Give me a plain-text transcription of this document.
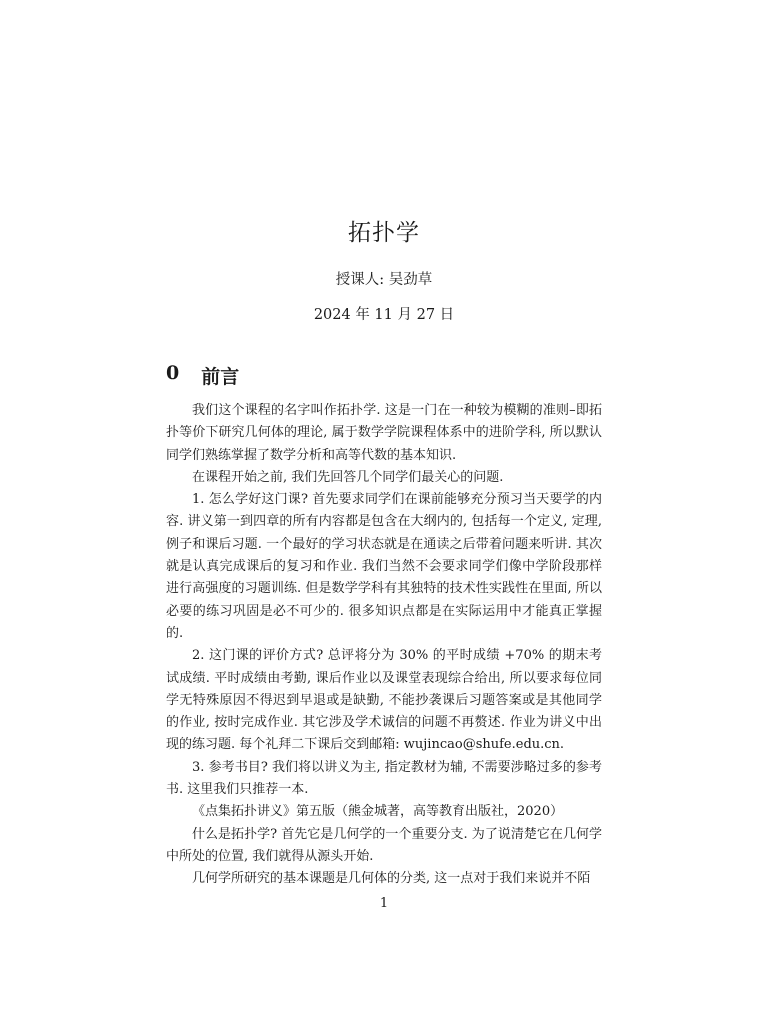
拓扑学
授课人: 吴劲草
2024 年 11 月 27 日
0 前言

我们这个课程的名字叫作拓扑学. 这是一门在一种较为模糊的准则–即拓扑等价下研究几何体的理论, 属于数学学院课程体系中的进阶学科, 所以默认同学们熟练掌握了数学分析和高等代数的基本知识.

在课程开始之前, 我们先回答几个同学们最关心的问题.

1. 怎么学好这门课? 首先要求同学们在课前能够充分预习当天要学的内容. 讲义第一到四章的所有内容都是包含在大纲内的, 包括每一个定义, 定理, 例子和课后习题. 一个最好的学习状态就是在通读之后带着问题来听讲. 其次就是认真完成课后的复习和作业. 我们当然不会要求同学们像中学阶段那样进行高强度的习题训练. 但是数学学科有其独特的技术性实践性在里面, 所以必要的练习巩固是必不可少的. 很多知识点都是在实际运用中才能真正掌握的.

2. 这门课的评价方式? 总评将分为 30% 的平时成绩 +70% 的期末考试成绩. 平时成绩由考勤, 课后作业以及课堂表现综合给出, 所以要求每位同学无特殊原因不得迟到早退或是缺勤, 不能抄袭课后习题答案或是其他同学的作业, 按时完成作业. 其它涉及学术诚信的问题不再赘述. 作业为讲义中出现的练习题. 每个礼拜二下课后交到邮箱: wujincao@shufe.edu.cn.

3. 参考书目? 我们将以讲义为主, 指定教材为辅, 不需要涉略过多的参考书. 这里我们只推荐一本.

《点集拓扑讲义》第五版（熊金城著，高等教育出版社，2020）

什么是拓扑学? 首先它是几何学的一个重要分支. 为了说清楚它在几何学中所处的位置, 我们就得从源头开始.

几何学所研究的基本课题是几何体的分类, 这一点对于我们来说并不陌

1
